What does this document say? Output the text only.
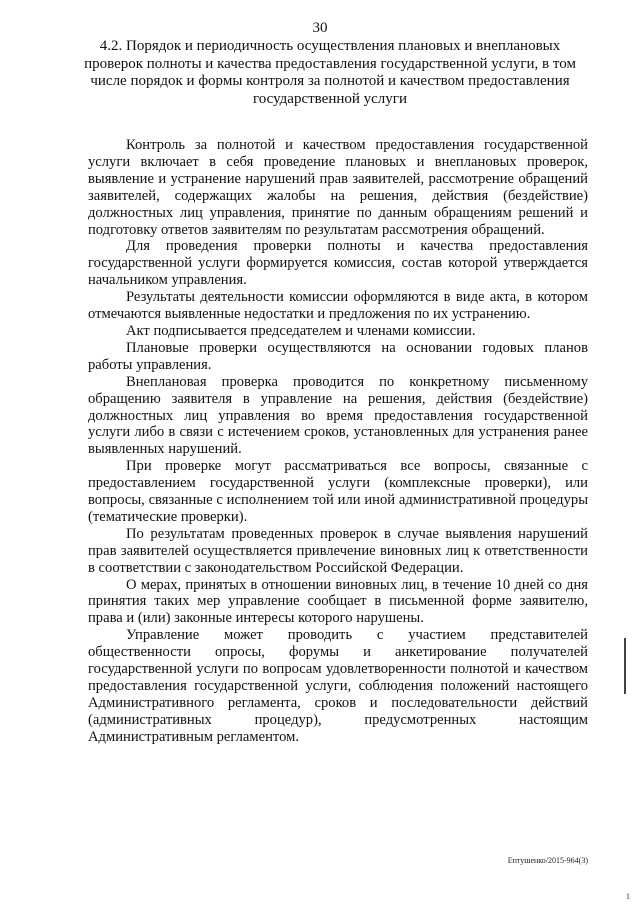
30
4.2. Порядок и периодичность осуществления плановых и внеплановых проверок полноты и качества предоставления государственной услуги, в том числе порядок и формы контроля за полнотой и качеством предоставления государственной услуги

Контроль за полнотой и качеством предоставления государственной услуги включает в себя проведение плановых и внеплановых проверок, выявление и устранение нарушений прав заявителей, рассмотрение обращений заявителей, содержащих жалобы на решения, действия (бездействие) должностных лиц управления, принятие по данным обращениям решений и подготовку ответов заявителям по результатам рассмотрения обращений.

Для проведения проверки полноты и качества предоставления государственной услуги формируется комиссия, состав которой утверждается начальником управления.

Результаты деятельности комиссии оформляются в виде акта, в котором отмечаются выявленные недостатки и предложения по их устранению.

Акт подписывается председателем и членами комиссии.

Плановые проверки осуществляются на основании годовых планов работы управления.

Внеплановая проверка проводится по конкретному письменному обращению заявителя в управление на решения, действия (бездействие) должностных лиц управления во время предоставления государственной услуги либо в связи с истечением сроков, установленных для устранения ранее выявленных нарушений.

При проверке могут рассматриваться все вопросы, связанные с предоставлением государственной услуги (комплексные проверки), или вопросы, связанные с исполнением той или иной административной процедуры (тематические проверки).

По результатам проведенных проверок в случае выявления нарушений прав заявителей осуществляется привлечение виновных лиц к ответственности в соответствии с законодательством Российской Федерации.

О мерах, принятых в отношении виновных лиц, в течение 10 дней со дня принятия таких мер управление сообщает в письменной форме заявителю, права и (или) законные интересы которого нарушены.

Управление может проводить с участием представителей общественности опросы, форумы и анкетирование получателей государственной услуги по вопросам удовлетворенности полнотой и качеством предоставления государственной услуги, соблюдения положений настоящего Административного регламента, сроков и последовательности действий (административных процедур), предусмотренных настоящим Административным регламентом.

Ептушенко/2015-964(3)
1
